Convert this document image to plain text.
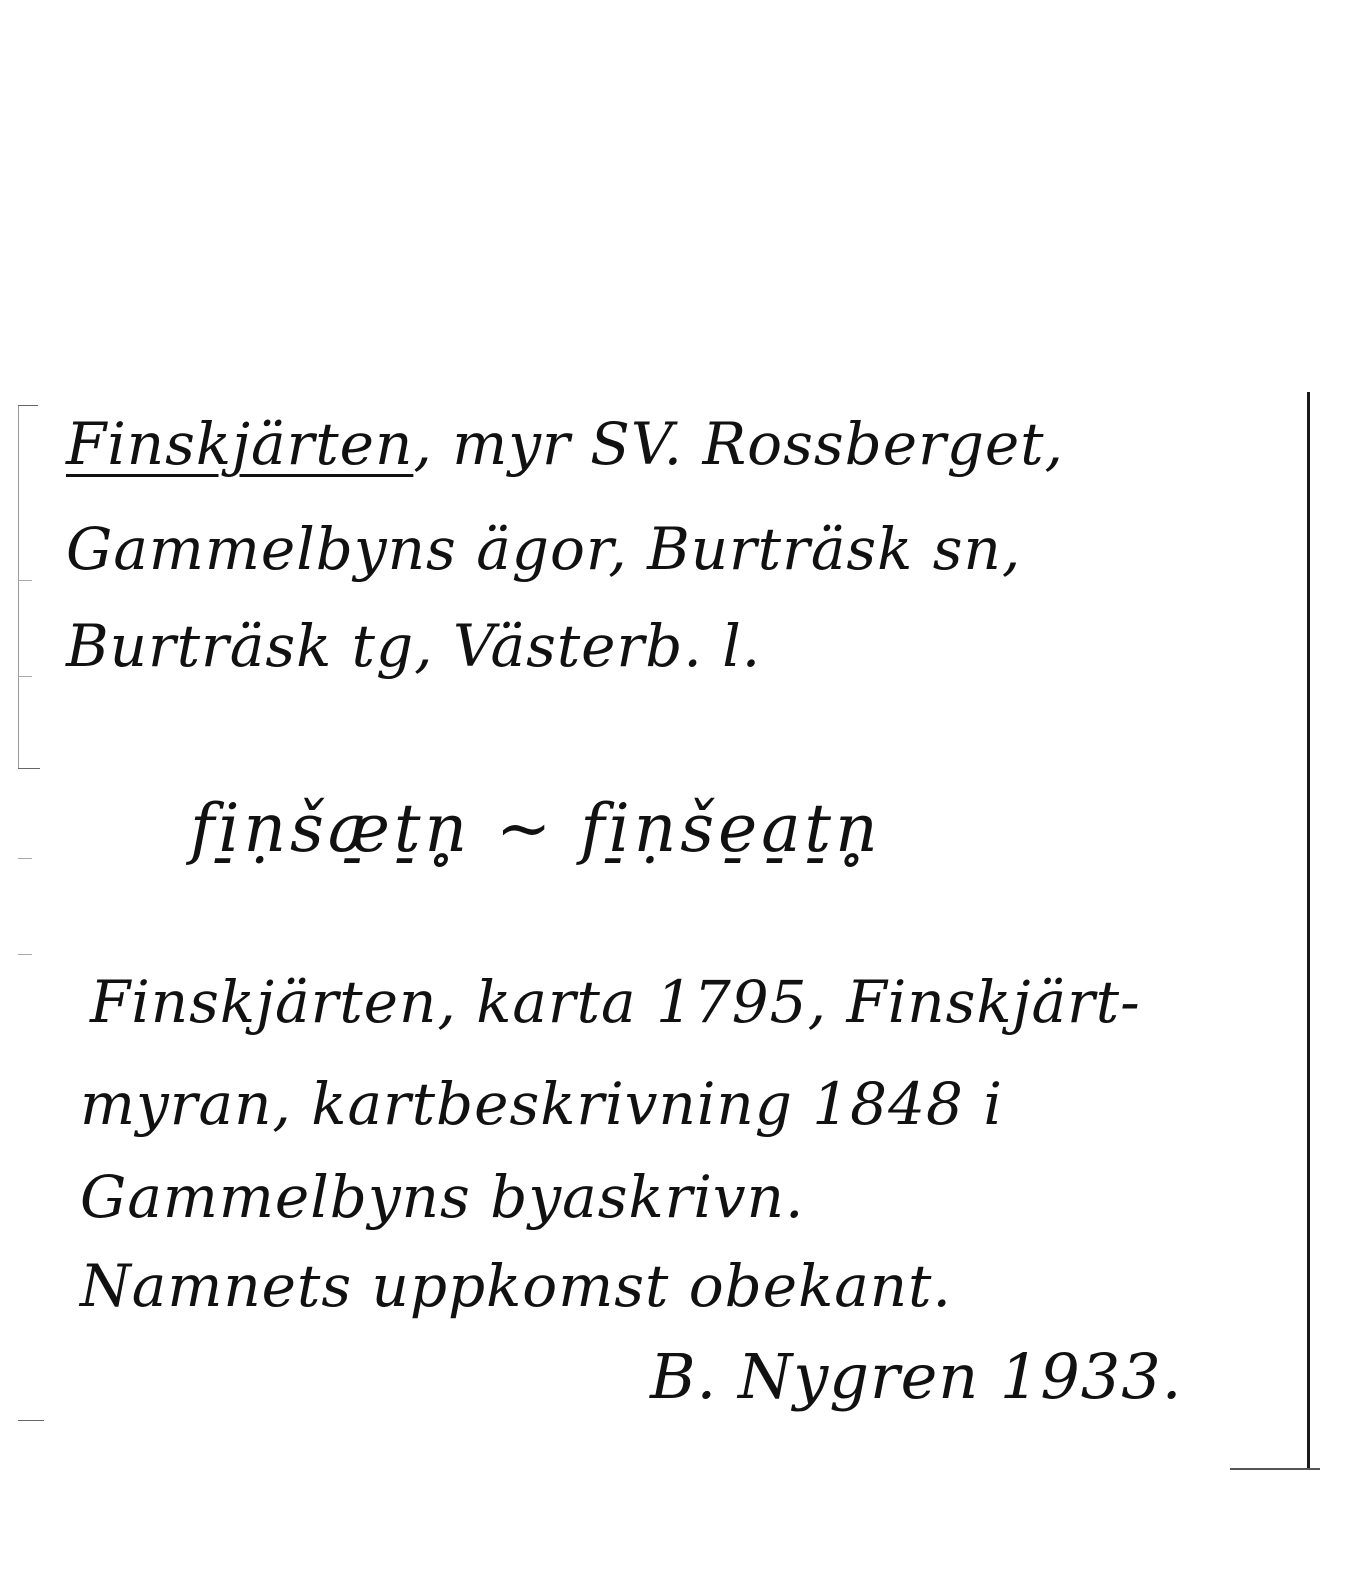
Finskjärten, myr SV. Rossberget,

Gammelbyns ägor, Burträsk sn,

Burträsk tg, Västerb. l.

fi̠ṇšæ̠t̠n̥ ~ fi̠ṇše̠a̠t̠n̥

Finskjärten, karta 1795, Finskjärt-

myran, kartbeskrivning 1848 i

Gammelbyns byaskrivn.

Namnets uppkomst obekant.

B. Nygren 1933.
